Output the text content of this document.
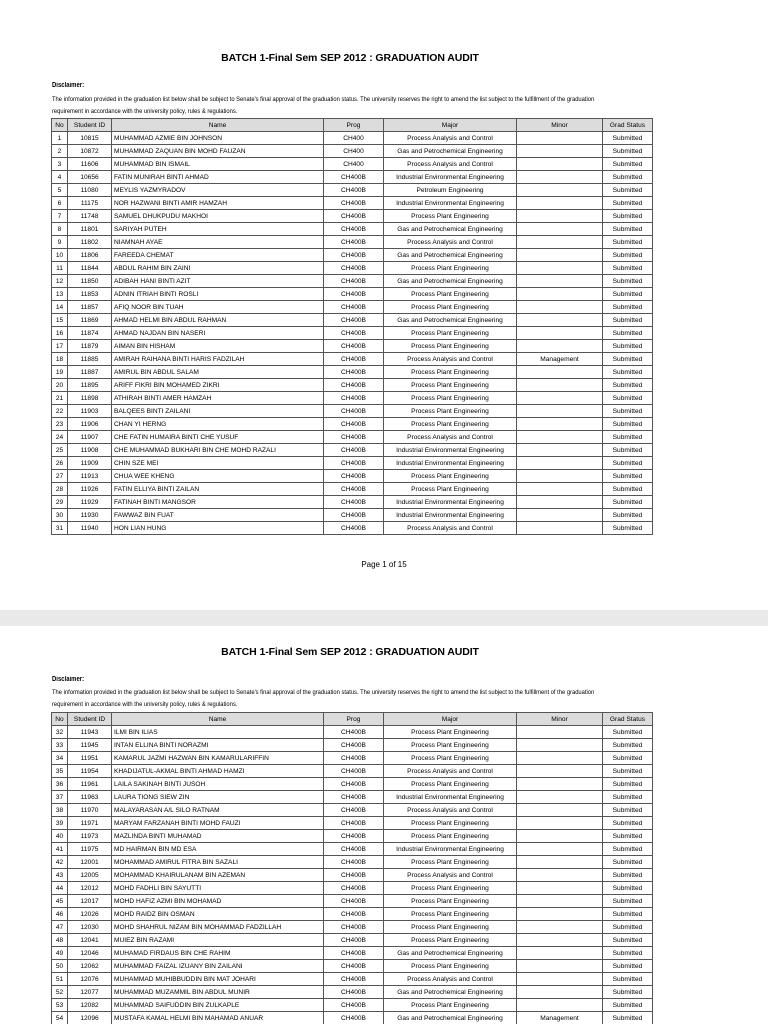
BATCH 1-Final Sem SEP 2012 : GRADUATION AUDIT
Disclaimer:
The information provided in the graduation list below shall be subject to Senate's final approval of the graduation status. The university reserves the right to amend the list subject to the fulfillment of the graduation
requirement in accordance with the university policy, rules & regulations.
No	Student ID	Name	Prog	Major	Minor	Grad Status
1	10815	MUHAMMAD AZMIE BIN JOHNSON	CH400	Process Analysis and Control		Submitted
2	10872	MUHAMMAD ZAQUAN BIN MOHD FAUZAN	CH400	Gas and Petrochemical Engineering		Submitted
3	11606	MUHAMMAD BIN ISMAIL	CH400	Process Analysis and Control		Submitted
4	10656	FATIN MUNIRAH BINTI AHMAD	CH400B	Industrial Environmental Engineering		Submitted
5	11080	MEYLIS YAZMYRADOV	CH400B	Petroleum Engineering		Submitted
6	11175	NOR HAZWANI BINTI AMIR HAMZAH	CH400B	Industrial Environmental Engineering		Submitted
7	11748	SAMUEL DHUKPUDU MAKHOI	CH400B	Process Plant Engineering		Submitted
8	11801	SARIYAH PUTEH	CH400B	Gas and Petrochemical Engineering		Submitted
9	11802	NIAMNAH AYAE	CH400B	Process Analysis and Control		Submitted
10	11806	FAREEDA CHEMAT	CH400B	Gas and Petrochemical Engineering		Submitted
11	11844	ABDUL RAHIM BIN ZAINI	CH400B	Process Plant Engineering		Submitted
12	11850	ADIBAH HANI BINTI AZIT	CH400B	Gas and Petrochemical Engineering		Submitted
13	11853	ADNIN ITRIAH BINTI ROSLI	CH400B	Process Plant Engineering		Submitted
14	11857	AFIQ NOOR BIN TUAH	CH400B	Process Plant Engineering		Submitted
15	11869	AHMAD HELMI BIN ABDUL RAHMAN	CH400B	Gas and Petrochemical Engineering		Submitted
16	11874	AHMAD NAJDAN BIN NASERI	CH400B	Process Plant Engineering		Submitted
17	11879	AIMAN BIN HISHAM	CH400B	Process Plant Engineering		Submitted
18	11885	AMIRAH RAIHANA BINTI HARIS FADZILAH	CH400B	Process Analysis and Control	Management	Submitted
19	11887	AMIRUL BIN ABDUL SALAM	CH400B	Process Plant Engineering		Submitted
20	11895	ARIFF FIKRI BIN MOHAMED ZIKRI	CH400B	Process Plant Engineering		Submitted
21	11898	ATHIRAH BINTI AMER HAMZAH	CH400B	Process Plant Engineering		Submitted
22	11903	BALQEES BINTI ZAILANI	CH400B	Process Plant Engineering		Submitted
23	11906	CHAN YI HERNG	CH400B	Process Plant Engineering		Submitted
24	11907	CHE FATIN HUMAIRA BINTI CHE YUSUF	CH400B	Process Analysis and Control		Submitted
25	11908	CHE MUHAMMAD BUKHARI BIN CHE MOHD RAZALI	CH400B	Industrial Environmental Engineering		Submitted
26	11909	CHIN SZE MEI	CH400B	Industrial Environmental Engineering		Submitted
27	11913	CHUA WEE KHENG	CH400B	Process Plant Engineering		Submitted
28	11926	FATIN ELLIYA BINTI ZAILAN	CH400B	Process Plant Engineering		Submitted
29	11929	FATINAH BINTI MANGSOR	CH400B	Industrial Environmental Engineering		Submitted
30	11930	FAWWAZ BIN FUAT	CH400B	Industrial Environmental Engineering		Submitted
31	11940	HON LIAN HUNG	CH400B	Process Analysis and Control		Submitted
Page 1 of 15
BATCH 1-Final Sem SEP 2012 : GRADUATION AUDIT
Disclaimer:
The information provided in the graduation list below shall be subject to Senate's final approval of the graduation status. The university reserves the right to amend the list subject to the fulfillment of the graduation
requirement in accordance with the university policy, rules & regulations.
No	Student ID	Name	Prog	Major	Minor	Grad Status
32	11943	ILMI BIN ILIAS	CH400B	Process Plant Engineering		Submitted
33	11945	INTAN ELLINA BINTI NORAZMI	CH400B	Process Plant Engineering		Submitted
34	11951	KAMARUL JAZMI HAZWAN BIN KAMARULARIFFIN	CH400B	Process Plant Engineering		Submitted
35	11954	KHADIJATUL-AKMAL BINTI AHMAD HAMZI	CH400B	Process Analysis and Control		Submitted
36	11961	LAILA SAKINAH BINTI JUSOH	CH400B	Process Plant Engineering		Submitted
37	11963	LAURA TIONG SIEW ZIN	CH400B	Industrial Environmental Engineering		Submitted
38	11970	MALAYARASAN A/L SILO RATNAM	CH400B	Process Analysis and Control		Submitted
39	11971	MARYAM FARZANAH BINTI MOHD FAUZI	CH400B	Process Plant Engineering		Submitted
40	11973	MAZLINDA BINTI MUHAMAD	CH400B	Process Plant Engineering		Submitted
41	11975	MD HAIRMAN BIN MD ESA	CH400B	Industrial Environmental Engineering		Submitted
42	12001	MOHAMMAD AMIRUL FITRA BIN SAZALI	CH400B	Process Plant Engineering		Submitted
43	12005	MOHAMMAD KHAIRULANAM BIN AZEMAN	CH400B	Process Analysis and Control		Submitted
44	12012	MOHD FADHLI BIN SAYUTTI	CH400B	Process Plant Engineering		Submitted
45	12017	MOHD HAFIZ AZMI BIN MOHAMAD	CH400B	Process Plant Engineering		Submitted
46	12026	MOHD RAIDZ BIN OSMAN	CH400B	Process Plant Engineering		Submitted
47	12030	MOHD SHAHRUL NIZAM BIN MOHAMMAD FADZILLAH	CH400B	Process Plant Engineering		Submitted
48	12041	MUIEZ BIN RAZAMI	CH400B	Process Plant Engineering		Submitted
49	12046	MUHAMAD FIRDAUS BIN CHE RAHIM	CH400B	Gas and Petrochemical Engineering		Submitted
50	12062	MUHAMMAD FAIZAL IZUANY BIN ZAILANI	CH400B	Process Plant Engineering		Submitted
51	12076	MUHAMMAD MUHIBBUDDIN BIN MAT JOHARI	CH400B	Process Analysis and Control		Submitted
52	12077	MUHAMMAD MUZAMMIL BIN ABDUL MUNIR	CH400B	Gas and Petrochemical Engineering		Submitted
53	12082	MUHAMMAD SAIFUDDIN BIN ZULKAPLE	CH400B	Process Plant Engineering		Submitted
54	12096	MUSTAFA KAMAL HELMI BIN MAHAMAD ANUAR	CH400B	Gas and Petrochemical Engineering	Management	Submitted
